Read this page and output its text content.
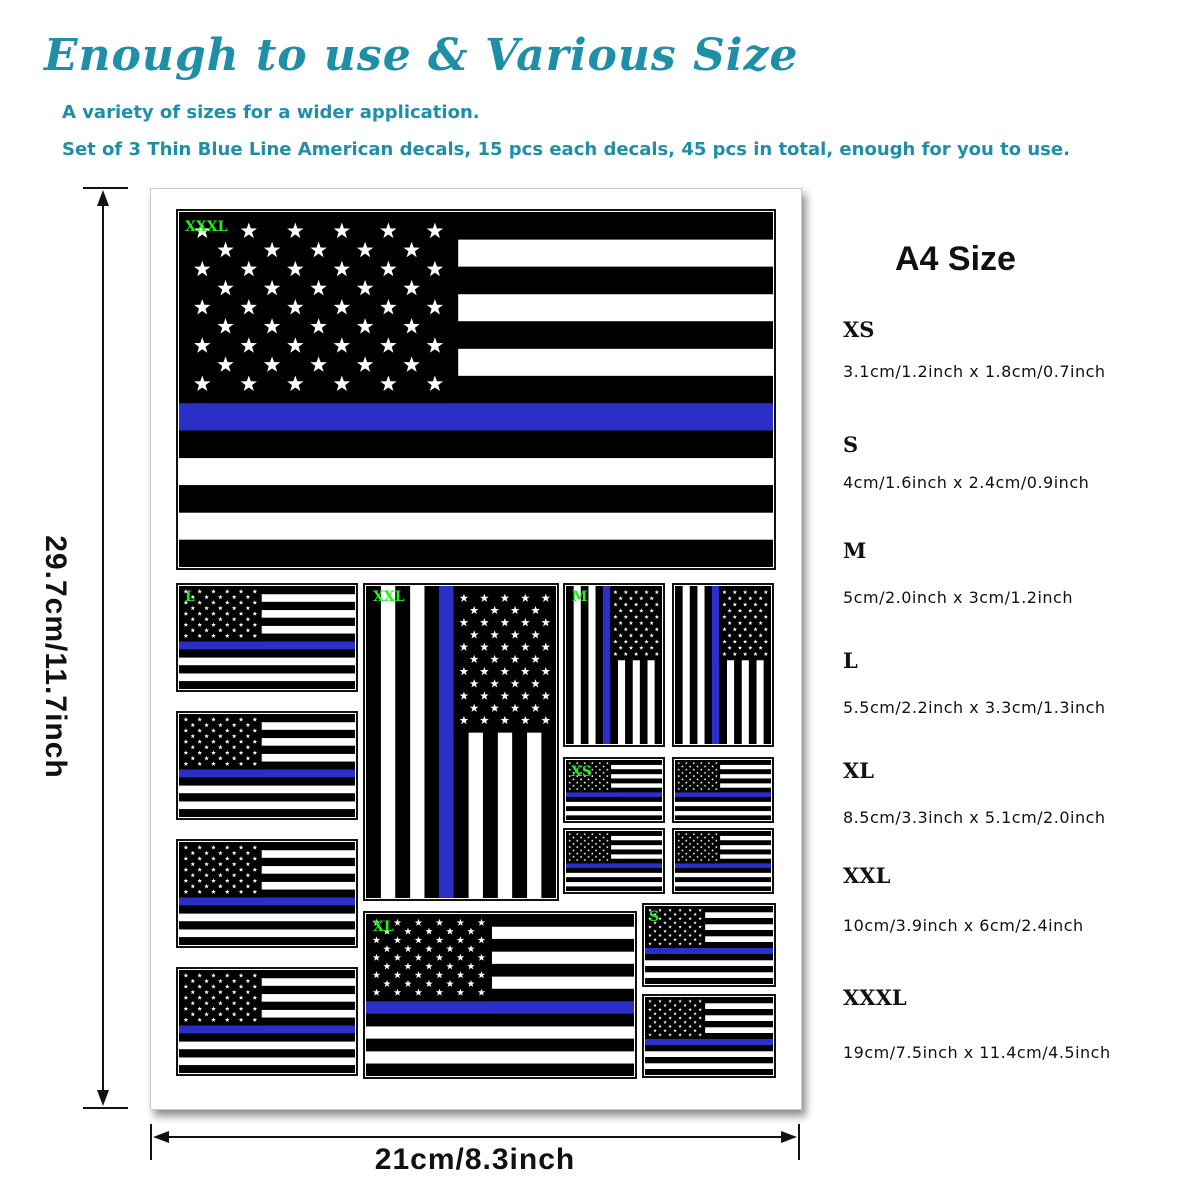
Enough to use & Various Size
A variety of sizes for a wider application.
Set of 3 Thin Blue Line American decals, 15 pcs each decals, 45 pcs in total, enough for you to use.
29.7cm/11.7inch
21cm/8.3inch
XXXL
L	XXL	M
XS
XL
S
A4 Size
XS
3.1cm/1.2inch x 1.8cm/0.7inch
S
4cm/1.6inch x 2.4cm/0.9inch
M
5cm/2.0inch x 3cm/1.2inch
L
5.5cm/2.2inch x 3.3cm/1.3inch
XL
8.5cm/3.3inch x 5.1cm/2.0inch
XXL
10cm/3.9inch x 6cm/2.4inch
XXXL
19cm/7.5inch x 11.4cm/4.5inch
